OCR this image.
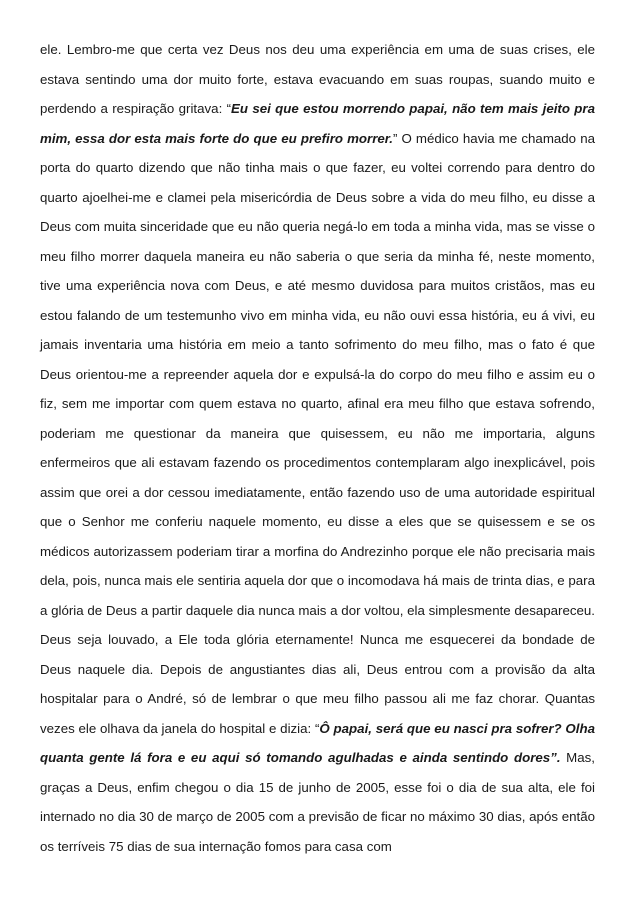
ele. Lembro-me que certa vez Deus nos deu uma experiência em uma de suas crises, ele estava sentindo uma dor muito forte, estava evacuando em suas roupas, suando muito e perdendo a respiração gritava: “Eu sei que estou morrendo papai, não tem mais jeito pra mim, essa dor esta mais forte do que eu prefiro morrer.” O médico havia me chamado na porta do quarto dizendo que não tinha mais o que fazer, eu voltei correndo para dentro do quarto ajoelhei-me e clamei pela misericórdia de Deus sobre a vida do meu filho, eu disse a Deus com muita sinceridade que eu não queria negá-lo em toda a minha vida, mas se visse o meu filho morrer daquela maneira eu não saberia o que seria da minha fé, neste momento, tive uma experiência nova com Deus, e até mesmo duvidosa para muitos cristãos, mas eu estou falando de um testemunho vivo em minha vida, eu não ouvi essa história, eu á vivi, eu jamais inventaria uma história em meio a tanto sofrimento do meu filho, mas o fato é que Deus orientou-me a repreender aquela dor e expulsá-la do corpo do meu filho e assim eu o fiz, sem me importar com quem estava no quarto, afinal era meu filho que estava sofrendo, poderiam me questionar da maneira que quisessem, eu não me importaria, alguns enfermeiros que ali estavam fazendo os procedimentos contemplaram algo inexplicável, pois assim que orei a dor cessou imediatamente, então fazendo uso de uma autoridade espiritual que o Senhor me conferiu naquele momento, eu disse a eles que se quisessem e se os médicos autorizassem poderiam tirar a morfina do Andrezinho porque ele não precisaria mais dela, pois, nunca mais ele sentiria aquela dor que o incomodava há mais de trinta dias, e para a glória de Deus a partir daquele dia nunca mais a dor voltou, ela simplesmente desapareceu. Deus seja louvado, a Ele toda glória eternamente! Nunca me esquecerei da bondade de Deus naquele dia. Depois de angustiantes dias ali, Deus entrou com a provisão da alta hospitalar para o André, só de lembrar o que meu filho passou ali me faz chorar. Quantas vezes ele olhava da janela do hospital e dizia: “Ô papai, será que eu nasci pra sofrer? Olha quanta gente lá fora e eu aqui só tomando agulhadas e ainda sentindo dores”. Mas, graças a Deus, enfim chegou o dia 15 de junho de 2005, esse foi o dia de sua alta, ele foi internado no dia 30 de março de 2005 com a previsão de ficar no máximo 30 dias, após então os terríveis 75 dias de sua internação fomos para casa com
